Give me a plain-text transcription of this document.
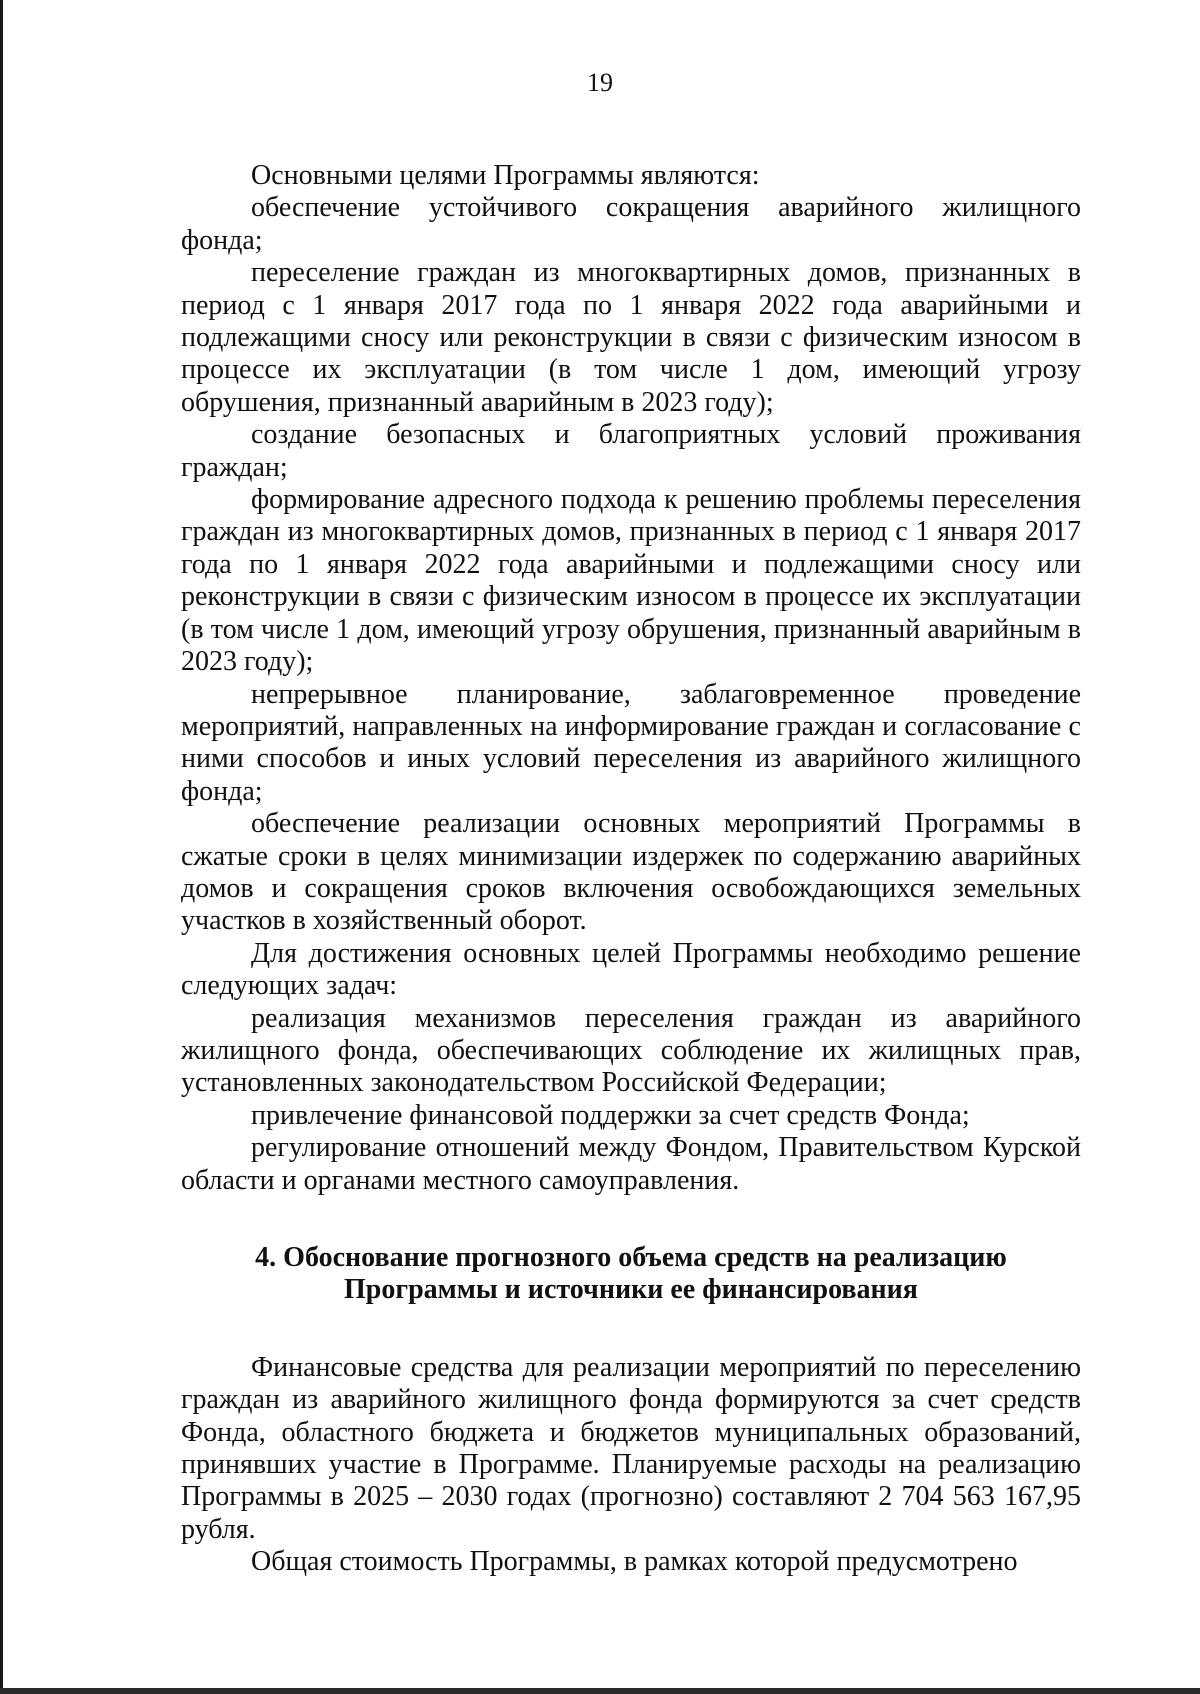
19

Основными целями Программы являются:

обеспечение устойчивого сокращения аварийного жилищного фонда;

переселение граждан из многоквартирных домов, признанных в период с 1 января 2017 года по 1 января 2022 года аварийными и подлежащими сносу или реконструкции в связи с физическим износом в процессе их эксплуатации (в том числе 1 дом, имеющий угрозу обрушения, признанный аварийным в 2023 году);

создание безопасных и благоприятных условий проживания граждан;

формирование адресного подхода к решению проблемы переселения граждан из многоквартирных домов, признанных в период с 1 января 2017 года по 1 января 2022 года аварийными и подлежащими сносу или реконструкции в связи с физическим износом в процессе их эксплуатации (в том числе 1 дом, имеющий угрозу обрушения, признанный аварийным в 2023 году);

непрерывное планирование, заблаговременное проведение мероприятий, направленных на информирование граждан и согласование с ними способов и иных условий переселения из аварийного жилищного фонда;

обеспечение реализации основных мероприятий Программы в сжатые сроки в целях минимизации издержек по содержанию аварийных домов и сокращения сроков включения освобождающихся земельных участков в хозяйственный оборот.

Для достижения основных целей Программы необходимо решение следующих задач:

реализация механизмов переселения граждан из аварийного жилищного фонда, обеспечивающих соблюдение их жилищных прав, установленных законодательством Российской Федерации;

привлечение финансовой поддержки за счет средств Фонда;

регулирование отношений между Фондом, Правительством Курской области и органами местного самоуправления.

4. Обоснование прогнозного объема средств на реализацию
Программы и источники ее финансирования

Финансовые средства для реализации мероприятий по переселению граждан из аварийного жилищного фонда формируются за счет средств Фонда, областного бюджета и бюджетов муниципальных образований, принявших участие в Программе. Планируемые расходы на реализацию Программы в 2025 – 2030 годах (прогнозно) составляют 2 704 563 167,95 рубля.

Общая стоимость Программы, в рамках которой предусмотрено
